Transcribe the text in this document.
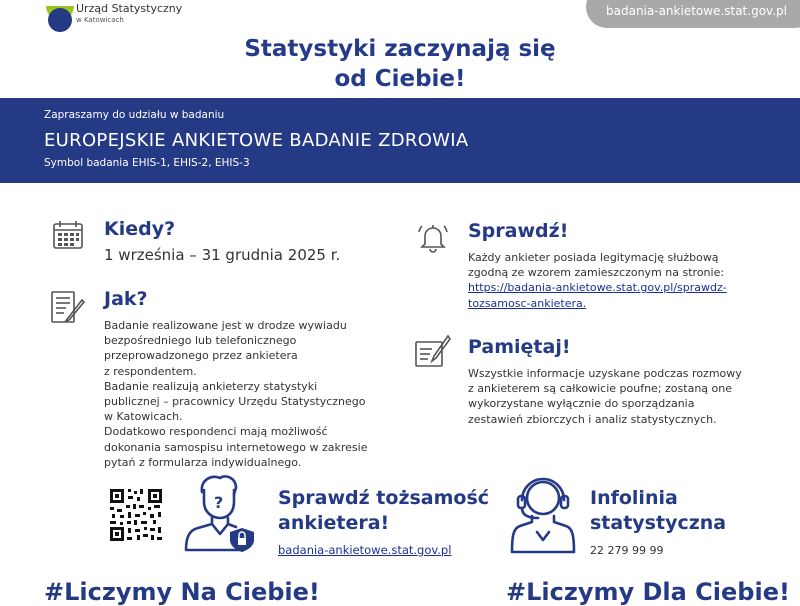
Urząd Statystyczny
w Katowicach
badania-ankietowe.stat.gov.pl
Statystyki zaczynają się
od Ciebie!
Zapraszamy do udziału w badaniu
EUROPEJSKIE ANKIETOWE BADANIE ZDROWIA
Symbol badania EHIS-1, EHIS-2, EHIS-3
Kiedy?
1 września – 31 grudnia 2025 r.
Jak?
Badanie realizowane jest w drodze wywiadu
bezpośredniego lub telefonicznego
przeprowadzonego przez ankietera
z respondentem.
Badanie realizują ankieterzy statystyki
publicznej – pracownicy Urzędu Statystycznego
w Katowicach.
Dodatkowo respondenci mają możliwość
dokonania samospisu internetowego w zakresie
pytań z formularza indywidualnego.
Sprawdź!
Każdy ankieter posiada legitymację służbową
zgodną ze wzorem zamieszczonym na stronie:
https://badania-ankietowe.stat.gov.pl/sprawdz-
tozsamosc-ankietera.
Pamiętaj!
Wszystkie informacje uzyskane podczas rozmowy
z ankieterem są całkowicie poufne; zostaną one
wykorzystane wyłącznie do sporządzania
zestawień zbiorczych i analiz statystycznych.
?	Sprawdź tożsamość
ankietera!
badania-ankietowe.stat.gov.pl
Infolinia
statystyczna
22 279 99 99
#Liczymy Na Ciebie!	#Liczymy Dla Ciebie!
